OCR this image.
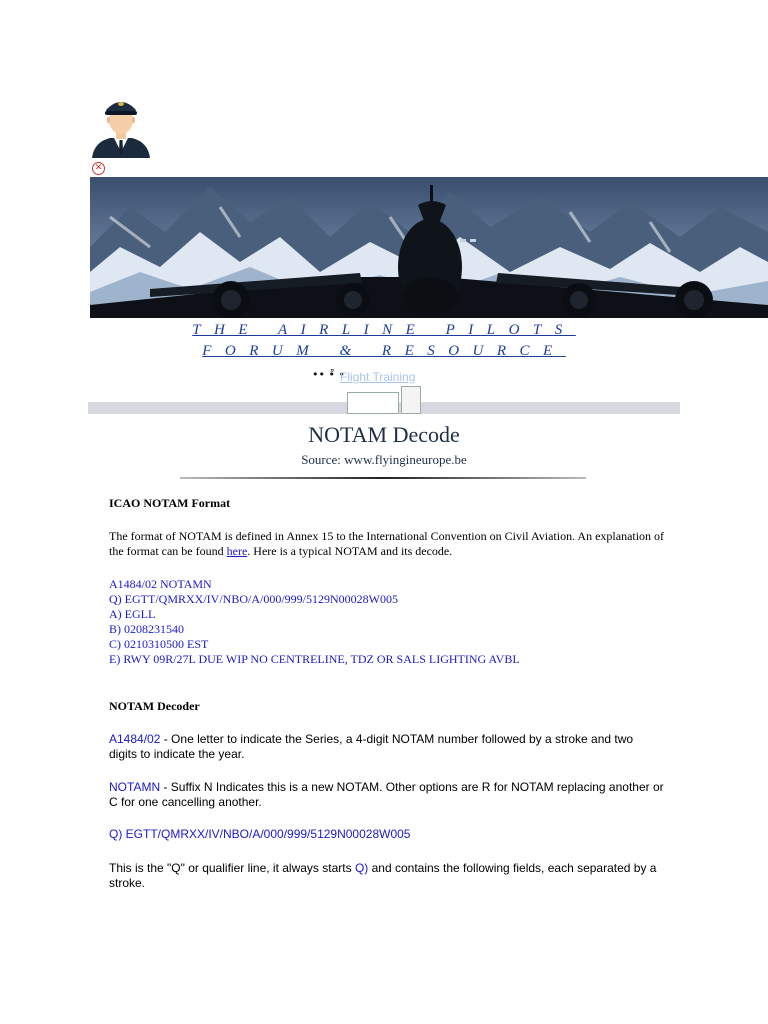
✕
THE AIRLINE PILOTS FORUM & RESOURCE
•• •̊ •
Flight Training
NOTAM Decode
Source: www.flyingineurope.be
ICAO NOTAM Format
The format of NOTAM is defined in Annex 15 to the International Convention on Civil Aviation. An explanation of the format can be found here. Here is a typical NOTAM and its decode.
A1484/02 NOTAMN
Q) EGTT/QMRXX/IV/NBO/A/000/999/5129N00028W005
A) EGLL
B) 0208231540
C) 0210310500 EST
E) RWY 09R/27L DUE WIP NO CENTRELINE, TDZ OR SALS LIGHTING AVBL
NOTAM Decoder
A1484/02 - One letter to indicate the Series, a 4-digit NOTAM number followed by a stroke and two digits to indicate the year.
NOTAMN - Suffix N Indicates this is a new NOTAM. Other options are R for NOTAM replacing another or C for one cancelling another.
Q) EGTT/QMRXX/IV/NBO/A/000/999/5129N00028W005
This is the "Q" or qualifier line, it always starts Q) and contains the following fields, each separated by a stroke.
